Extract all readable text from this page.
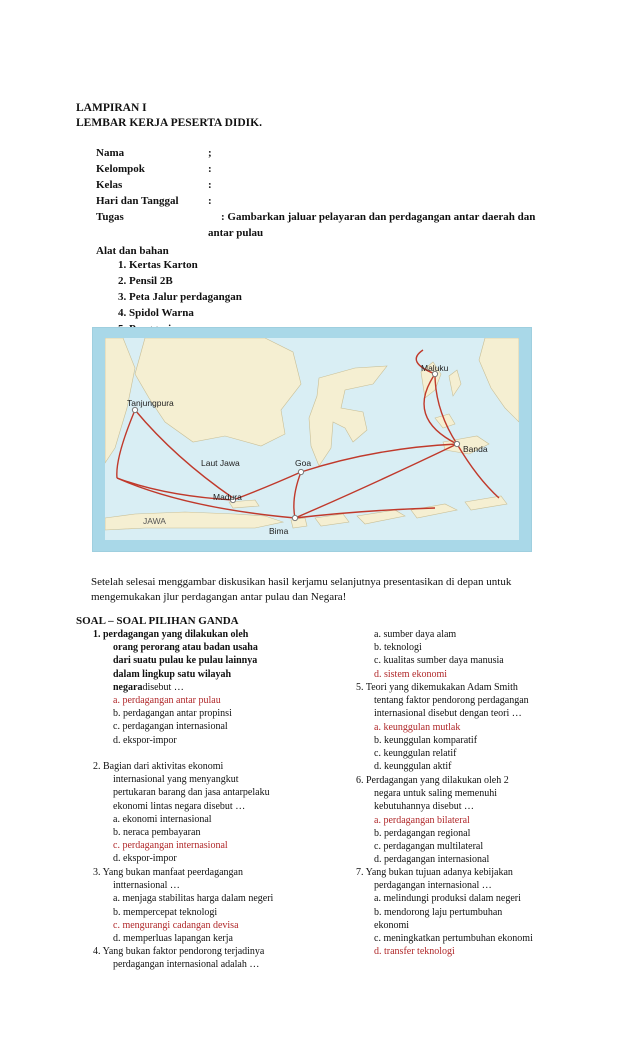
LAMPIRAN I
LEMBAR KERJA PESERTA DIDIK.
Nama	;
Kelompok	:
Kelas	:
Hari dan Tanggal	:
Tugas	: Gambarkan jaluar pelayaran dan perdagangan antar daerah dan
antar pulau
Alat dan bahan
1. Kertas Karton
2. Pensil 2B
3. Peta Jalur perdagangan
4. Spidol Warna
Maluku
Tanjungpura
Banda
Laut Jawa	Goa
Madura
JAWA
Bima
Setelah selesai menggambar diskusikan hasil kerjamu selanjutnya presentasikan di depan untuk
mengemukakan jlur perdagangan antar pulau dan Negara!
SOAL – SOAL PILIHAN GANDA

1. perdagangan yang dilakukan oleh

orang perorang atau badan usaha

dari suatu pulau ke pulau lainnya

dalam lingkup satu wilayah

negaradisebut …

a. perdagangan antar pulau

b. perdagangan antar propinsi

c. perdagangan internasional

d. ekspor-impor

2. Bagian dari aktivitas ekonomi

internasional yang menyangkut

pertukaran barang dan jasa antarpelaku

ekonomi lintas negara disebut …

a. ekonomi internasional

b. neraca pembayaran

c. perdagangan internasional

d. ekspor-impor

3. Yang bukan manfaat peerdagangan

intternasional …

a. menjaga stabilitas harga dalam negeri

b. mempercepat teknologi

c. mengurangi cadangan devisa

d. memperluas lapangan kerja

4. Yang bukan faktor pendorong terjadinya

perdagangan internasional adalah …

a. sumber daya alam

b. teknologi

c. kualitas sumber daya manusia

d. sistem ekonomi

5. Teori yang dikemukakan Adam Smith

tentang faktor pendorong perdagangan

internasional disebut dengan teori …

a. keunggulan mutlak

b. keunggulan komparatif

c. keunggulan relatif

d. keunggulan aktif

6. Perdagangan yang dilakukan oleh 2

negara untuk saling memenuhi

kebutuhannya disebut …

a. perdagangan bilateral

b. perdagangan regional

c. perdagangan multilateral

d. perdagangan internasional

7. Yang bukan tujuan adanya kebijakan

perdagangan internasional …

a. melindungi produksi dalam negeri

b. mendorong laju pertumbuhan

ekonomi

c. meningkatkan pertumbuhan ekonomi

d. transfer teknologi
